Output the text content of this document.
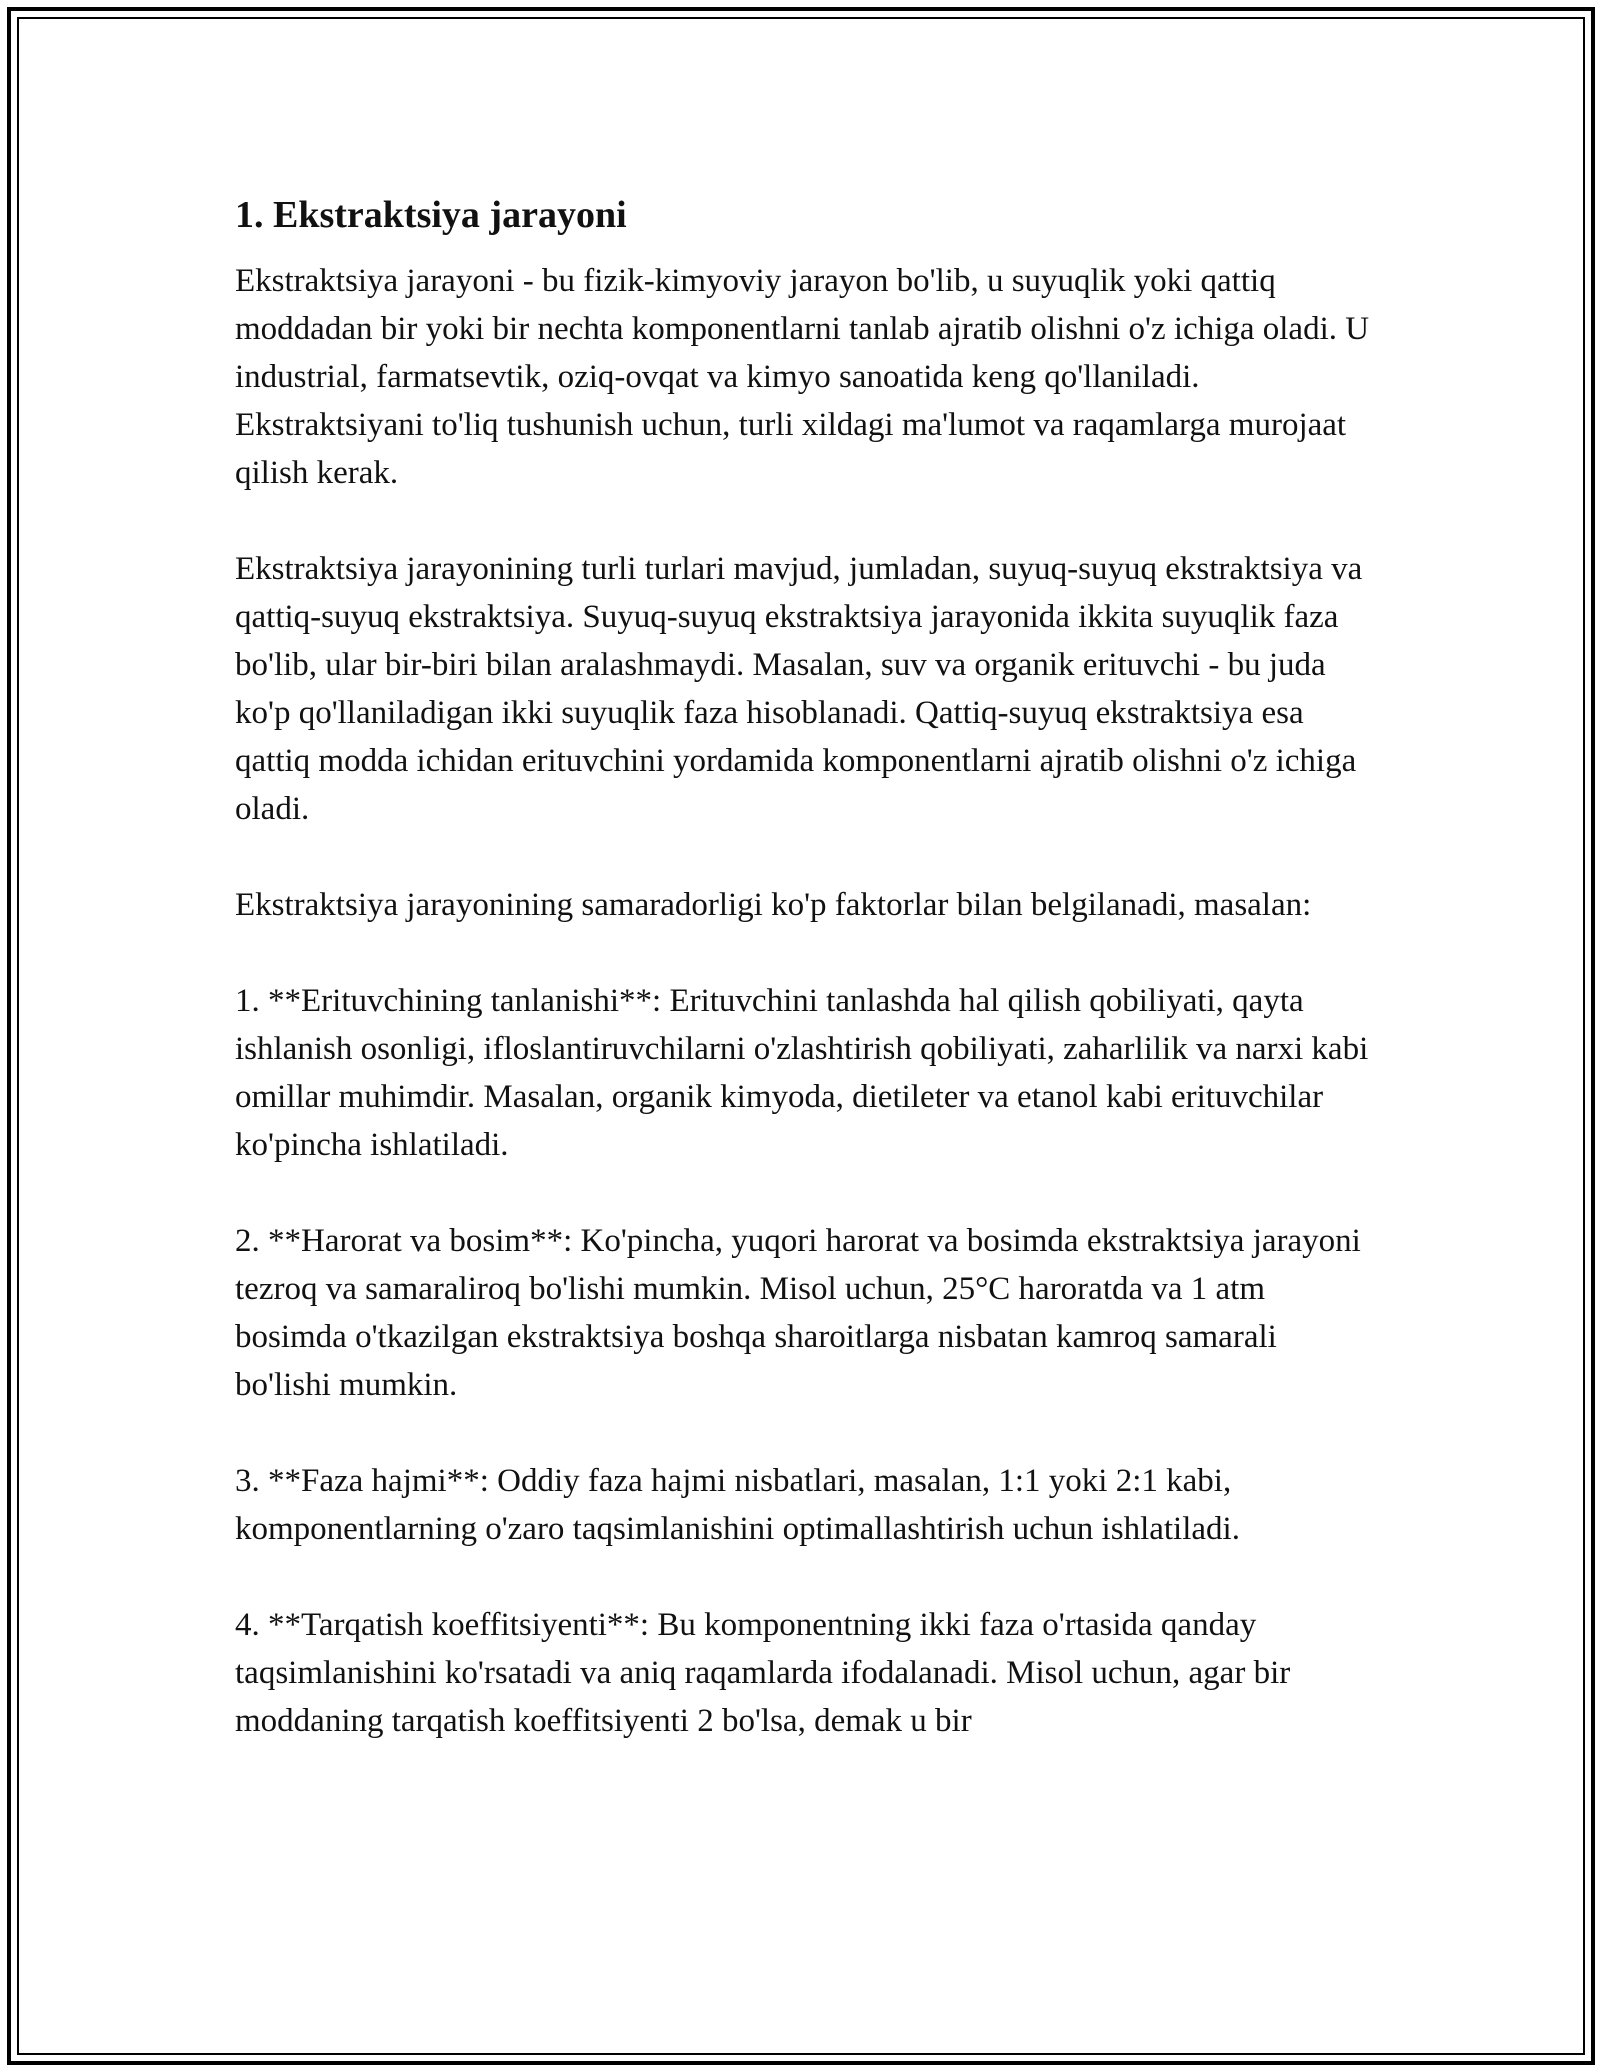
1. Ekstraktsiya jarayoni

Ekstraktsiya jarayoni - bu fizik-kimyoviy jarayon bo'lib, u suyuqlik yoki qattiq moddadan bir yoki bir nechta komponentlarni tanlab ajratib olishni o'z ichiga oladi. U industrial, farmatsevtik, oziq-ovqat va kimyo sanoatida keng qo'llaniladi. Ekstraktsiyani to'liq tushunish uchun, turli xildagi ma'lumot va raqamlarga murojaat qilish kerak.

Ekstraktsiya jarayonining turli turlari mavjud, jumladan, suyuq-suyuq ekstraktsiya va qattiq-suyuq ekstraktsiya. Suyuq-suyuq ekstraktsiya jarayonida ikkita suyuqlik faza bo'lib, ular bir-biri bilan aralashmaydi. Masalan, suv va organik erituvchi - bu juda ko'p qo'llaniladigan ikki suyuqlik faza hisoblanadi. Qattiq-suyuq ekstraktsiya esa qattiq modda ichidan erituvchini yordamida komponentlarni ajratib olishni o'z ichiga oladi.

Ekstraktsiya jarayonining samaradorligi ko'p faktorlar bilan belgilanadi, masalan:

1. **Erituvchining tanlanishi**: Erituvchini tanlashda hal qilish qobiliyati, qayta ishlanish osonligi, ifloslantiruvchilarni o'zlashtirish qobiliyati, zaharlilik va narxi kabi omillar muhimdir. Masalan, organik kimyoda, dietileter va etanol kabi erituvchilar ko'pincha ishlatiladi.

2. **Harorat va bosim**: Ko'pincha, yuqori harorat va bosimda ekstraktsiya jarayoni tezroq va samaraliroq bo'lishi mumkin. Misol uchun, 25°C haroratda va 1 atm bosimda o'tkazilgan ekstraktsiya boshqa sharoitlarga nisbatan kamroq samarali bo'lishi mumkin.

3. **Faza hajmi**: Oddiy faza hajmi nisbatlari, masalan, 1:1 yoki 2:1 kabi, komponentlarning o'zaro taqsimlanishini optimallashtirish uchun ishlatiladi.

4. **Tarqatish koeffitsiyenti**: Bu komponentning ikki faza o'rtasida qanday taqsimlanishini ko'rsatadi va aniq raqamlarda ifodalanadi. Misol uchun, agar bir moddaning tarqatish koeffitsiyenti 2 bo'lsa, demak u bir
